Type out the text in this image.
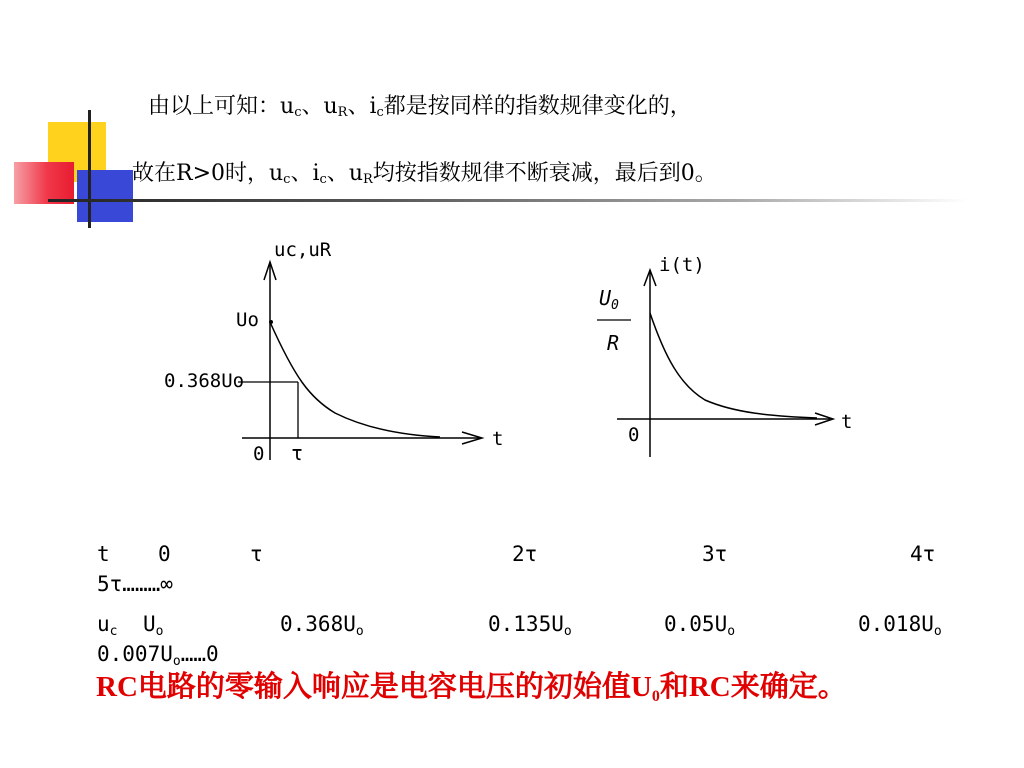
由以上可知：$u_c$、$u_R$、$i_c$都是按同样的指数规律变化的，
故在R>0时，$u_c$、$i_c$、$u_R$均按指数规律不断衰减，最后到0。
uc,uR
t
0
Uo
0.368Uo
τ
i(t)
t
0
$U_0$
R
t 0	τ	2τ	3τ	4τ
5τ………∞
$u_c$ $U_o$	$0.368U_o$	$0.135U_o$	$0.05U_o$	$0.018U_o$
$0.007U_o\dots\dots 0$
RC电路的零输入响应是电容电压的初始值$U_0$和RC来确定。
